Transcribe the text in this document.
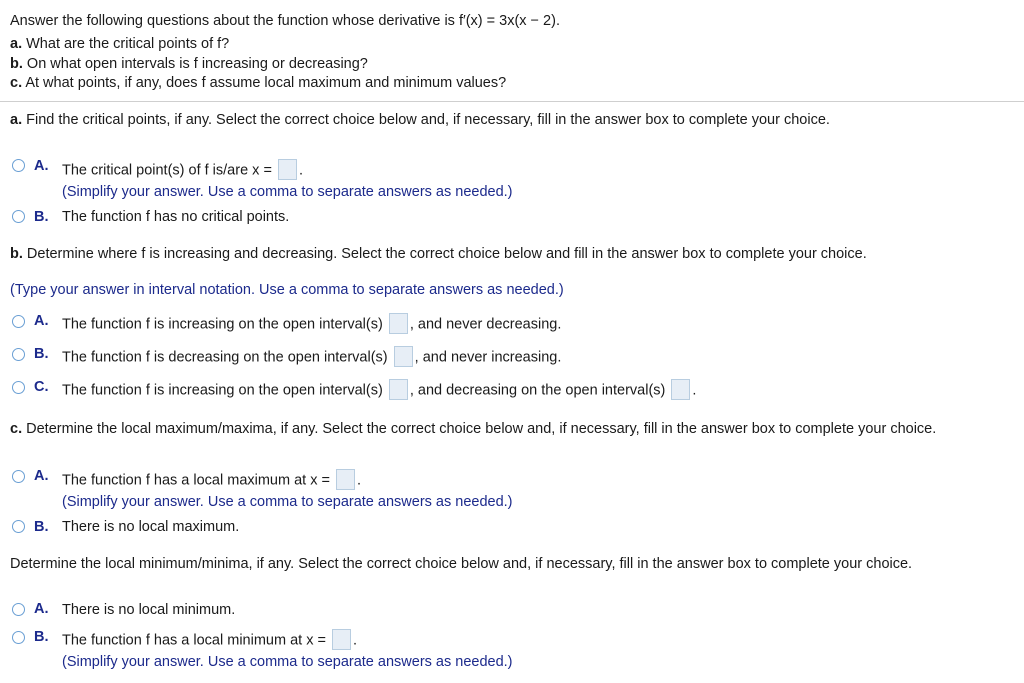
Answer the following questions about the function whose derivative is f′(x) = 3x(x − 2).
a. What are the critical points of f?
b. On what open intervals is f increasing or decreasing?
c. At what points, if any, does f assume local maximum and minimum values?
a. Find the critical points, if any. Select the correct choice below and, if necessary, fill in the answer box to complete your choice.
A. The critical point(s) of f is/are x = .
(Simplify your answer. Use a comma to separate answers as needed.)
B. The function f has no critical points.
b. Determine where f is increasing and decreasing. Select the correct choice below and fill in the answer box to complete your choice.
(Type your answer in interval notation. Use a comma to separate answers as needed.)
A. The function f is increasing on the open interval(s) , and never decreasing.
B. The function f is decreasing on the open interval(s) , and never increasing.
C. The function f is increasing on the open interval(s) , and decreasing on the open interval(s) .
c. Determine the local maximum/maxima, if any. Select the correct choice below and, if necessary, fill in the answer box to complete your choice.
A. The function f has a local maximum at x = .
(Simplify your answer. Use a comma to separate answers as needed.)
B. There is no local maximum.
Determine the local minimum/minima, if any. Select the correct choice below and, if necessary, fill in the answer box to complete your choice.
A. There is no local minimum.
B. The function f has a local minimum at x = .
(Simplify your answer. Use a comma to separate answers as needed.)
